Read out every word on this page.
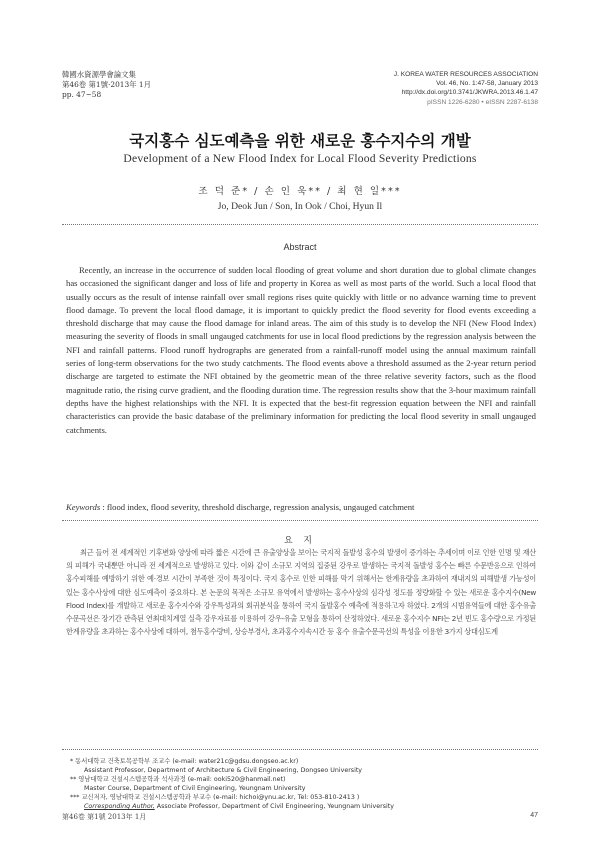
韓國水資源學會論文集
第46卷 第1號·2013年 1月
pp. 47~58
J. KOREA WATER RESOURCES ASSOCIATION
Vol. 46, No. 1:47-58, January 2013
http://dx.doi.org/10.3741/JKWRA.2013.46.1.47
pISSN 1226-6280 • eISSN 2287-6138
국지홍수 심도예측을 위한 새로운 홍수지수의 개발
Development of a New Flood Index for Local Flood Severity Predictions
조 덕 준* / 손 인 욱** / 최 현 일***
Jo, Deok Jun / Son, In Ook / Choi, Hyun Il
Abstract

Recently, an increase in the occurrence of sudden local flooding of great volume and short duration due to global climate changes has occasioned the significant danger and loss of life and property in Korea as well as most parts of the world. Such a local flood that usually occurs as the result of intense rainfall over small regions rises quite quickly with little or no advance warning time to prevent flood damage. To prevent the local flood damage, it is important to quickly predict the flood severity for flood events exceeding a threshold discharge that may cause the flood damage for inland areas. The aim of this study is to develop the NFI (New Flood Index) measuring the severity of floods in small ungauged catchments for use in local flood predictions by the regression analysis between the NFI and rainfall patterns. Flood runoff hydrographs are generated from a rainfall-runoff model using the annual maximum rainfall series of long-term observations for the two study catchments. The flood events above a threshold assumed as the 2-year return period discharge are targeted to estimate the NFI obtained by the geometric mean of the three relative severity factors, such as the flood magnitude ratio, the rising curve gradient, and the flooding duration time. The regression results show that the 3-hour maximum rainfall depths have the highest relationships with the NFI. It is expected that the best-fit regression equation between the NFI and rainfall characteristics can provide the basic database of the preliminary information for predicting the local flood severity in small ungauged catchments.

Keywords : flood index, flood severity, threshold discharge, regression analysis, ungauged catchment

요 지

최근 들어 전 세계적인 기후변화 양상에 따라 짧은 시간에 큰 유출양상을 보이는 국지적 돌발성 홍수의 발생이 증가하는 추세이며 이로 인한 인명 및 재산의 피해가 국내뿐만 아니라 전 세계적으로 발생하고 있다. 이와 같이 소규모 지역의 집중된 강우로 발생하는 국지적 돌발성 홍수는 빠른 수문반응으로 인하여 홍수피해를 예방하기 위한 예·경보 시간이 부족한 것이 특징이다. 국지 홍수로 인한 피해를 막기 위해서는 한계유량을 초과하여 재내지의 피해발생 가능성이 있는 홍수사상에 대한 심도예측이 중요하다. 본 논문의 목적은 소규모 유역에서 발생하는 홍수사상의 심각성 정도를 정량화할 수 있는 새로운 홍수지수(New Flood Index)를 개발하고 새로운 홍수지수와 강우특성과의 회귀분석을 통하여 국지 돌발홍수 예측에 적용하고자 하였다. 2개의 시범유역들에 대한 홍수유출수문곡선은 장기간 관측된 연최대치계열 실측 강우자료를 이용하여 강우-유출 모형을 통하여 산정하였다. 새로운 홍수지수 NFI는 2년 빈도 홍수량으로 가정된 한계유량을 초과하는 홍수사상에 대하여, 첨두홍수량비, 상승부경사, 초과홍수지속시간 등 홍수 유출수문곡선의 특성을 이용한 3가지 상대심도계

* 동서대학교 건축토목공학부 조교수 (e-mail: water21c@gdsu.dongseo.ac.kr)
Assistant Professor, Department of Architecture & Civil Engineering, Dongseo University
** 영남대학교 건설시스템공학과 석사과정 (e-mail: ooki520@hanmail.net)
Master Course, Department of Civil Engineering, Yeungnam University
*** 교신저자, 영남대학교 건설시스템공학과 부교수 (e-mail: hichoi@ynu.ac.kr, Tel: 053-810-2413 )
Corresponding Author, Associate Professor, Department of Civil Engineering, Yeungnam University
第46卷 第1號 2013年 1月	47
